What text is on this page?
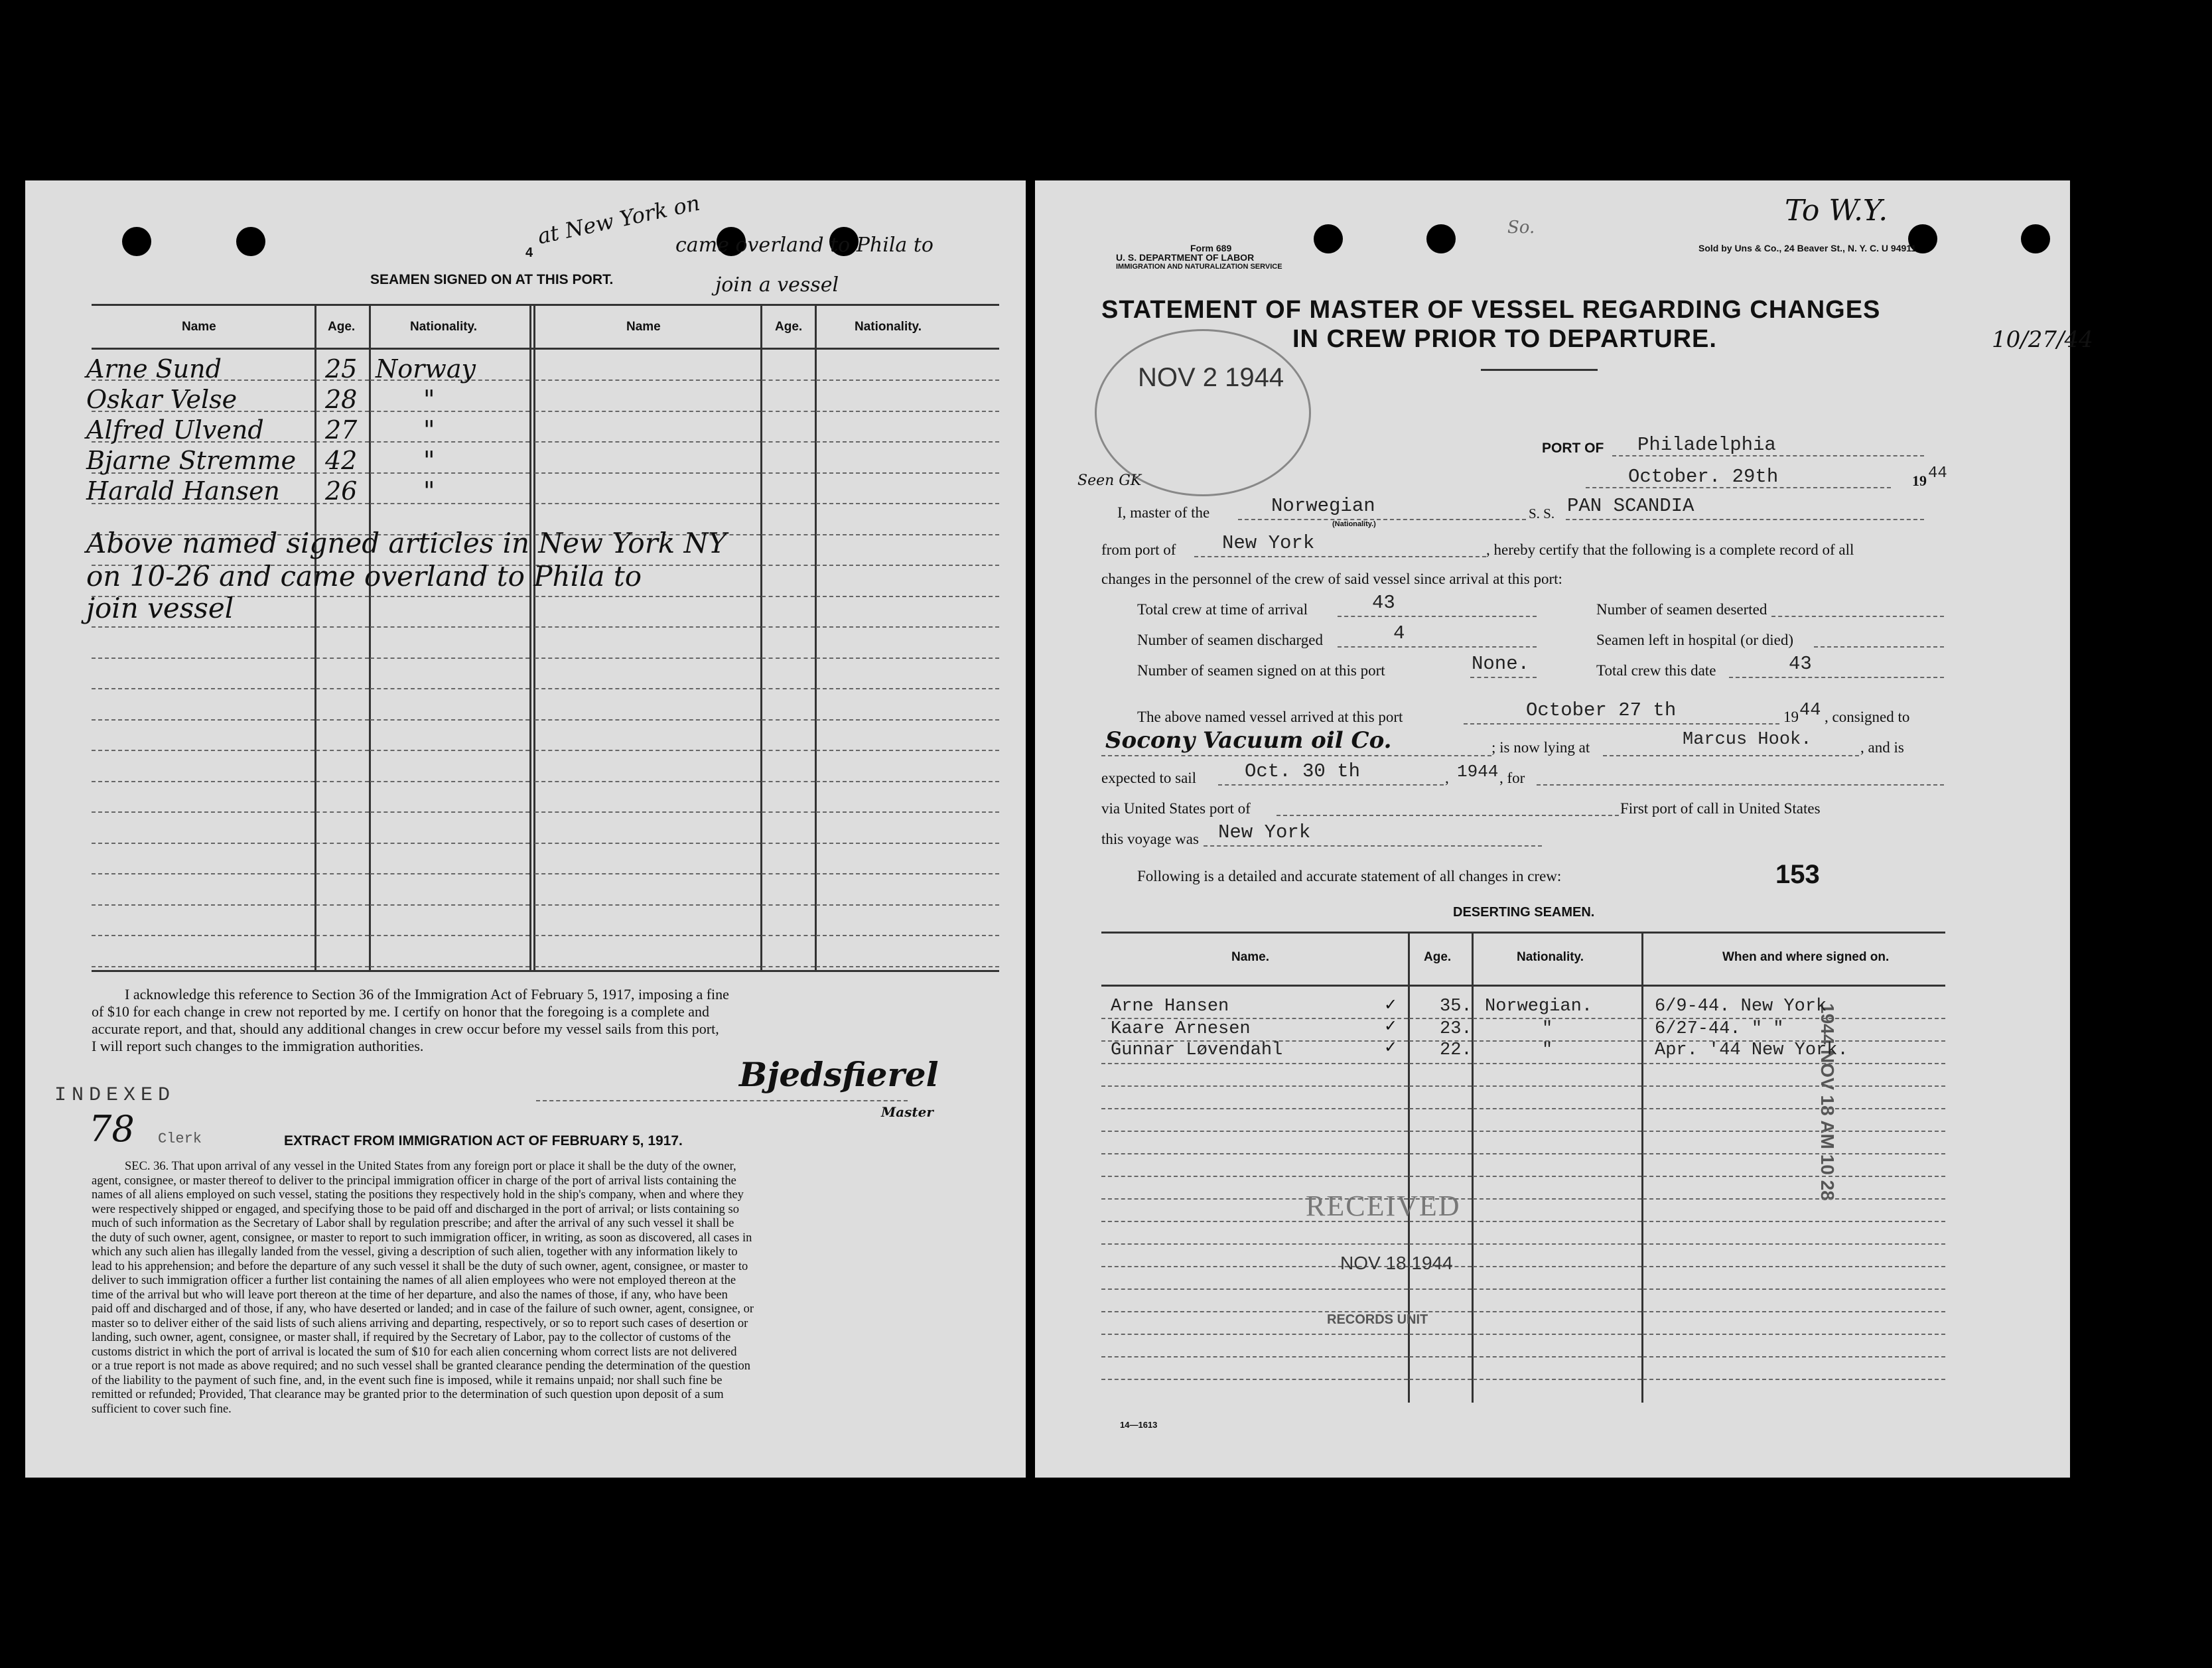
4
at New York on
came overland to Phila to
join a vessel
SEAMEN SIGNED ON AT THIS PORT.
Name	Age.	Nationality.	Name	Age.	Nationality.
Arne Sund	25 Norway
Oskar Velse	28	"
Alfred Ulvend 27	"
Bjarne Stremme 42	"
Harald Hansen 26	"
Above named signed articles in New York NY
on 10-26 and came overland to Phila to
join vessel
I acknowledge this reference to Section 36 of the Immigration Act of February 5, 1917, imposing a fine
of $10 for each change in crew not reported by me. I certify on honor that the foregoing is a complete and
accurate report, and that, should any additional changes in crew occur before my vessel sails from this port,
I will report such changes to the immigration authorities.
Bjedsfierel
Master
INDEXED
78 Clerk	EXTRACT FROM IMMIGRATION ACT OF FEBRUARY 5, 1917.
SEC. 36. That upon arrival of any vessel in the United States from any foreign port or place it shall be the duty of the owner,
agent, consignee, or master thereof to deliver to the principal immigration officer in charge of the port of arrival lists containing the
names of all aliens employed on such vessel, stating the positions they respectively hold in the ship's company, when and where they
were respectively shipped or engaged, and specifying those to be paid off and discharged in the port of arrival; or lists containing so
much of such information as the Secretary of Labor shall by regulation prescribe; and after the arrival of any such vessel it shall be
the duty of such owner, agent, consignee, or master to report to such immigration officer, in writing, as soon as discovered, all cases in
which any such alien has illegally landed from the vessel, giving a description of such alien, together with any information likely to
lead to his apprehension; and before the departure of any such vessel it shall be the duty of such owner, agent, consignee, or master to
deliver to such immigration officer a further list containing the names of all alien employees who were not employed thereon at the
time of the arrival but who will leave port thereon at the time of her departure, and also the names of those, if any, who have been
paid off and discharged and of those, if any, who have deserted or landed; and in case of the failure of such owner, agent, consignee, or
master so to deliver either of the said lists of such aliens arriving and departing, respectively, or so to report such cases of desertion or
landing, such owner, agent, consignee, or master shall, if required by the Secretary of Labor, pay to the collector of customs of the
customs district in which the port of arrival is located the sum of $10 for each alien concerning whom correct lists are not delivered
or a true report is not made as above required; and no such vessel shall be granted clearance pending the determination of the question
of the liability to the payment of such fine, and, in the event such fine is imposed, while it remains unpaid; nor shall such fine be
remitted or refunded; Provided, That clearance may be granted prior to the determination of such question upon deposit of a sum
sufficient to cover such fine.
Form 689
U. S. DEPARTMENT OF LABOR
IMMIGRATION AND NATURALIZATION SERVICE
Sold by Uns & Co., 24 Beaver St., N. Y. C. U 94911
To W.Y.
So.
10/27/44
STATEMENT OF MASTER OF VESSEL REGARDING CHANGES
IN CREW PRIOR TO DEPARTURE.
NOV 2 1944
Seen GK
PORT OF Philadelphia
October. 29th	19 44
I, master of the	Norwegian
(Nationality.)
S. S. PAN SCANDIA
from port of New York	, hereby certify that the following is a complete record of all
changes in the personnel of the crew of said vessel since arrival at this port:
Total crew at time of arrival	43
Number of seamen discharged	4
Number of seamen signed on at this port	None.
Number of seamen deserted
Seamen left in hospital (or died)
Total crew this date	43
The above named vessel arrived at this port	October 27 th	19 44 , consigned to
Socony Vacuum oil Co.	; is now lying at	Marcus Hook.	, and is
expected to sail	Oct. 30 th	, 1944 , for
via United States port of	First port of call in United States
this voyage was New York
Following is a detailed and accurate statement of all changes in crew:	153
1944 NOV 18 AM 10 28
DESERTING SEAMEN.
Name.	Age.	Nationality.	When and where signed on.
Arne Hansen	35. Norwegian.	6/9-44. New York
Kaare Arnesen	23.	"	6/27-44. " "
Gunnar Løvendahl	22.	"	Apr. '44 New York.
✓
✓
✓
RECEIVED
NOV 18 1944
RECORDS UNIT
14—1613
